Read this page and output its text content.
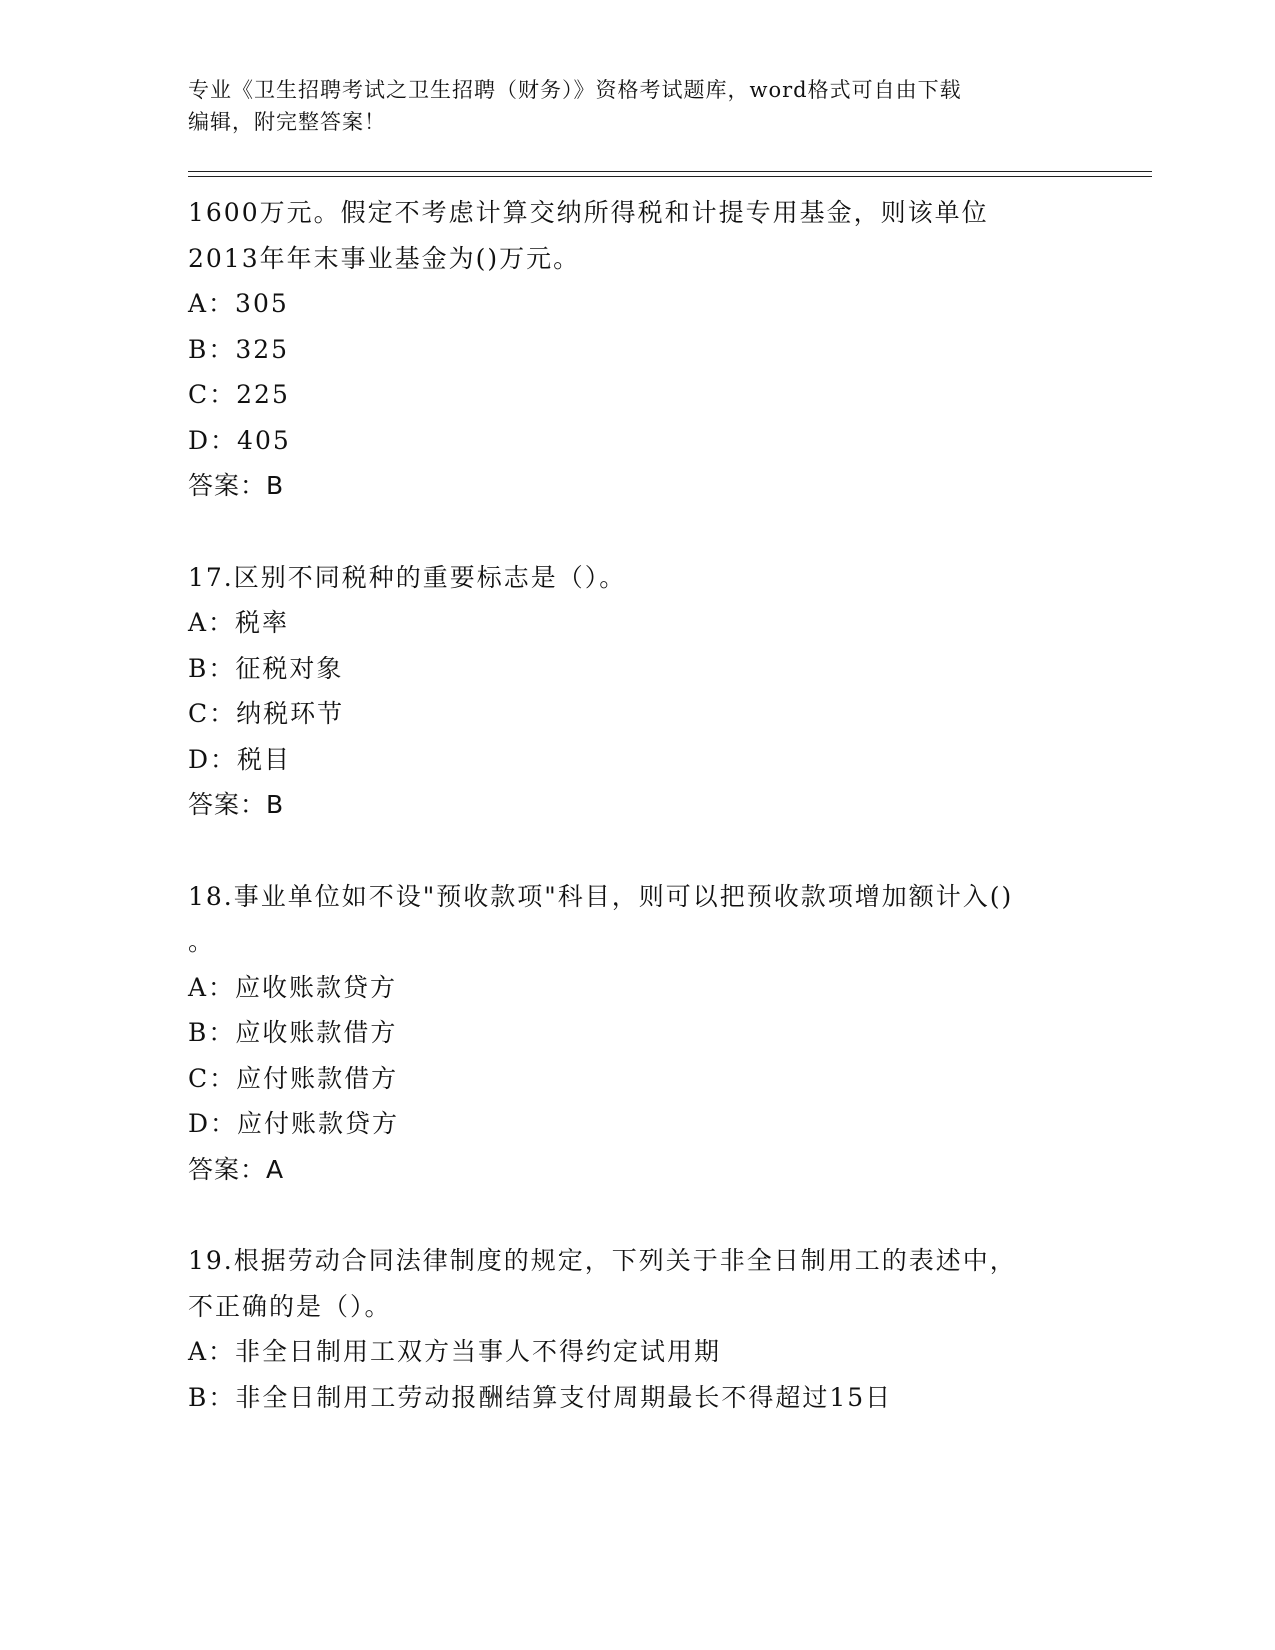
专业《卫生招聘考试之卫生招聘（财务）》资格考试题库，word格式可自由下载
编辑，附完整答案！
1600万元。假定不考虑计算交纳所得税和计提专用基金，则该单位
2013年年末事业基金为()万元。
A：305
B：325
C：225
D：405
答案：B
17.区别不同税种的重要标志是（）。
A：税率
B：征税对象
C：纳税环节
D：税目
答案：B
18.事业单位如不设"预收款项"科目，则可以把预收款项增加额计入()
。
A：应收账款贷方
B：应收账款借方
C：应付账款借方
D：应付账款贷方
答案：A
19.根据劳动合同法律制度的规定，下列关于非全日制用工的表述中，
不正确的是（）。
A：非全日制用工双方当事人不得约定试用期
B：非全日制用工劳动报酬结算支付周期最长不得超过15日
